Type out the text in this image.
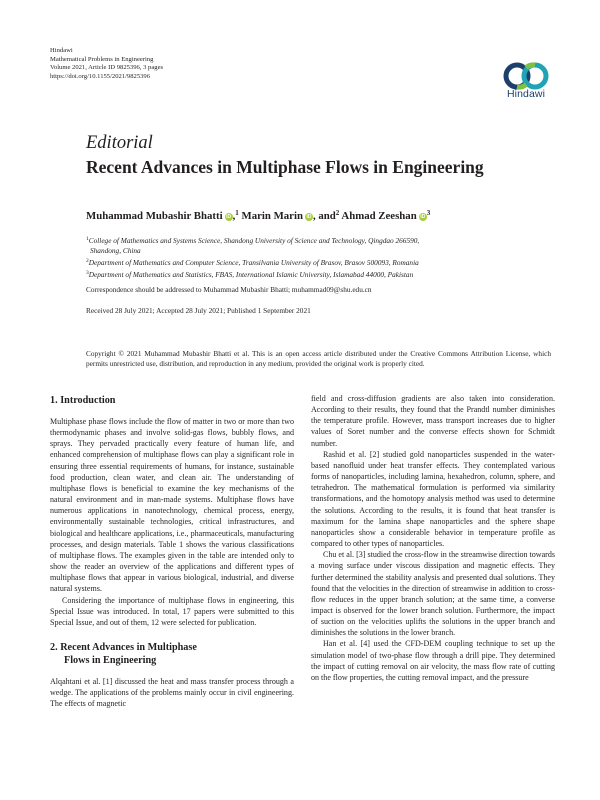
Hindawi
Mathematical Problems in Engineering
Volume 2021, Article ID 9825396, 3 pages
https://doi.org/10.1155/2021/9825396
Hindawi
Editorial
Recent Advances in Multiphase Flows in Engineering
Muhammad Mubashir Bhatti iD ,$^1$ Marin Marin iD , and$^2$ Ahmad Zeeshan iD $^3$
$^1$College of Mathematics and Systems Science, Shandong University of Science and Technology, Qingdao 266590,
Shandong, China
$^2$Department of Mathematics and Computer Science, Transilvania University of Brasov, Brasov 500093, Romania
$^3$Department of Mathematics and Statistics, FBAS, International Islamic University, Islamabad 44000, Pakistan
Correspondence should be addressed to Muhammad Mubashir Bhatti; muhammad09@shu.edu.cn
Received 28 July 2021; Accepted 28 July 2021; Published 1 September 2021
Copyright © 2021 Muhammad Mubashir Bhatti et al. This is an open access article distributed under the Creative Commons Attribution License, which permits unrestricted use, distribution, and reproduction in any medium, provided the original work is properly cited.
1. Introduction

Multiphase phase flows include the flow of matter in two or more than two thermodynamic phases and involve solid-gas flows, bubbly flows, and sprays. They pervaded practically every feature of human life, and enhanced comprehension of multiphase flows can play a significant role in ensuring three essential requirements of humans, for instance, sustainable food production, clean water, and clean air. The understanding of multiphase flows is beneficial to examine the key mechanisms of the natural environment and in man-made systems. Multiphase flows have numerous applications in nanotechnology, chemical process, energy, environmentally sustainable technologies, critical infrastructures, and biological and healthcare applications, i.e., pharmaceuticals, manufacturing processes, and design materials. Table 1 shows the various classifications of multiphase flows. The examples given in the table are intended only to show the reader an overview of the applications and different types of multiphase flows that appear in various biological, industrial, and diverse natural systems.

Considering the importance of multiphase flows in engineering, this Special Issue was introduced. In total, 17 papers were submitted to this Special Issue, and out of them, 12 were selected for publication.

2. Recent Advances in Multiphase
Flows in Engineering

Alqahtani et al. [1] discussed the heat and mass transfer process through a wedge. The applications of the problems mainly occur in civil engineering. The effects of magnetic

field and cross-diffusion gradients are also taken into consideration. According to their results, they found that the Prandtl number diminishes the temperature profile. However, mass transport increases due to higher values of Soret number and the converse effects shown for Schmidt number.

Rashid et al. [2] studied gold nanoparticles suspended in the water-based nanofluid under heat transfer effects. They contemplated various forms of nanoparticles, including lamina, hexahedron, column, sphere, and tetrahedron. The mathematical formulation is performed via similarity transformations, and the homotopy analysis method was used to determine the solutions. According to the results, it is found that heat transfer is maximum for the lamina shape nanoparticles and the sphere shape nanoparticles show a considerable behavior in temperature profile as compared to other types of nanoparticles.

Chu et al. [3] studied the cross-flow in the streamwise direction towards a moving surface under viscous dissipation and magnetic effects. They further determined the stability analysis and presented dual solutions. They found that the velocities in the direction of streamwise in addition to cross-flow reduces in the upper branch solution; at the same time, a converse impact is observed for the lower branch solution. Furthermore, the impact of suction on the velocities uplifts the solutions in the upper branch and diminishes the solutions in the lower branch.

Han et al. [4] used the CFD-DEM coupling technique to set up the simulation model of two-phase flow through a drill pipe. They determined the impact of cutting removal on air velocity, the mass flow rate of cutting on the flow properties, the cutting removal impact, and the pressure
